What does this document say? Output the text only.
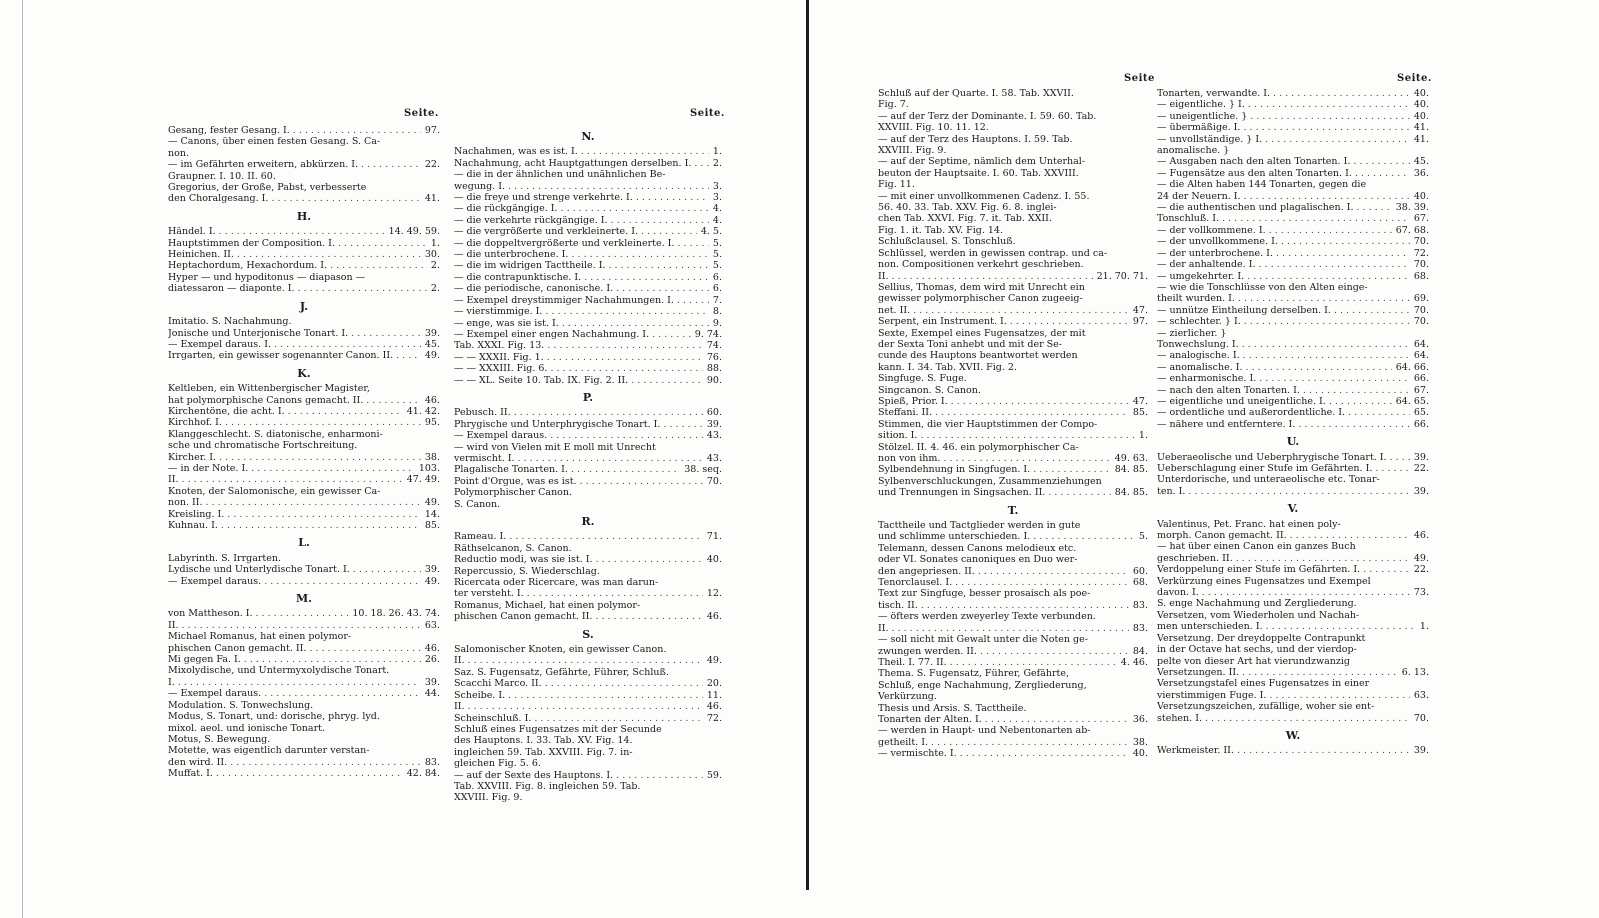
Seite.	Seite.
Seite	Seite.
Gesang, fester Gesang. I. . . .	97.
— Canons, über einen festen Gesang. S. Ca-
non.
— im Gefährten erweitern, abkürzen. I. . . .	22.
Graupner. I. 10. II. 60.
Gregorius, der Große, Pabst, verbesserte
den Choralgesang. I. . . .	41.
H.
Händel. I. . . .	14. 49. 59.
Hauptstimmen der Composition. I. . . .	1.
Heinichen. II. . . .	30.
Heptachordum, Hexachordum. I. . . .	2.
Hyper — und hypoditonus — diapason —
diatessaron — diaponte. I. . . .	2.
J.
Imitatio. S. Nachahmung.
Jonische und Unterjonische Tonart. I. . . .	39.
— Exempel daraus. I. . . .	45.
Irrgarten, ein gewisser sogenannter Canon. II. . . .	49.
K.
Keltleben, ein Wittenbergischer Magister,
hat polymorphische Canons gemacht. II. . . .	46.
Kirchentöne, die acht. I. . . .	41. 42.
Kirchhof. I. . . .	95.
Klanggeschlecht. S. diatonische, enharmoni-
sche und chromatische Fortschreitung.
Kircher. I. . . .	38.
— in der Note. I. . . .	103.
II. . . .	47. 49.
Knoten, der Salomonische, ein gewisser Ca-
non. II. . . .	49.
Kreisling. I. . . .	14.
Kuhnau. I. . . .	85.
L.
Labyrinth. S. Irrgarten.
Lydische und Unterlydische Tonart. I. . . .	39.
— Exempel daraus. . . .	49.
M.
von Mattheson. I. . . .	10. 18. 26. 43. 74.
II. . . .	63.
Michael Romanus, hat einen polymor-
phischen Canon gemacht. II. . . .	46.
Mi gegen Fa. I. . . .	26.
Mixolydische, und Untermyxolydische Tonart.
I. . . .	39.
— Exempel daraus. . . .	44.
Modulation. S. Tonwechslung.
Modus, S. Tonart, und: dorische, phryg. lyd.
mixol. aeol. und ionische Tonart.
Motus, S. Bewegung.
Motette, was eigentlich darunter verstan-
den wird. II. . . .	83.
Muffat. I. . . .	42. 84.
N.
Nachahmen, was es ist. I. . . .	1.
Nachahmung, acht Hauptgattungen derselben. I. . . .	2.
— die in der ähnlichen und unähnlichen Be-
wegung. I. . . .	3.
— die freye und strenge verkehrte. I. . . .	3.
— die rückgängige. I. . . .	4.
— die verkehrte rückgängige. I. . . .	4.
— die vergrößerte und verkleinerte. I. . . .	4. 5.
— die doppeltvergrößerte und verkleinerte. I. . . .	5.
— die unterbrochene. I. . . .	5.
— die im widrigen Tacttheile. I. . . .	5.
— die contrapunktische. I. . . .	6.
— die periodische, canonische. I. . . .	6.
— Exempel dreystimmiger Nachahmungen. I. . . .	7.
— vierstimmige. I. . . .	8.
— enge, was sie ist. I. . . .	9.
— Exempel einer engen Nachahmung. I. . . .	9. 74.
Tab. XXXI. Fig. 13. . . .	74.
— — XXXII. Fig. 1. . . .	76.
— — XXXIII. Fig. 6. . . .	88.
— — XL. Seite 10. Tab. IX. Fig. 2. II. . . .	90.
P.
Pebusch. II. . . .	60.
Phrygische und Unterphrygische Tonart. I. . . .	39.
— Exempel daraus. . . .	43.
— wird von Vielen mit E moll mit Unrecht
vermischt. I. . . .	43.
Plagalische Tonarten. I. . . .	38. seq.
Point d'Orgue, was es ist. . . .	70.
Polymorphischer Canon.
S. Canon.
R.
Rameau. I. . . .	71.
Räthselcanon, S. Canon.
Reductio modi, was sie ist. I. . . .	40.
Repercussio, S. Wiederschlag.
Ricercata oder Ricercare, was man darun-
ter versteht. I. . . .	12.
Romanus, Michael, hat einen polymor-
phischen Canon gemacht. II. . . .	46.
S.
Salomonischer Knoten, ein gewisser Canon.
II. . . .	49.
Saz. S. Fugensatz, Gefährte, Führer, Schluß.
Scacchi Marco. II. . . .	20.
Scheibe. I. . . .	11.
II. . . .	46.
Scheinschluß. I. . . .	72.
Schluß eines Fugensatzes mit der Secunde
des Hauptons. I. 33. Tab. XV. Fig. 14.
ingleichen 59. Tab. XXVIII. Fig. 7. in-
gleichen Fig. 5. 6.
— auf der Sexte des Hauptons. I. . . .	59.
Tab. XXVIII. Fig. 8. ingleichen 59. Tab.
XXVIII. Fig. 9.
Schluß auf der Quarte. I. 58. Tab. XXVII.
Fig. 7.
— auf der Terz der Dominante. I. 59. 60. Tab.
XXVIII. Fig. 10. 11. 12.
— auf der Terz des Hauptons. I. 59. Tab.
XXVIII. Fig. 9.
— auf der Septime, nämlich dem Unterhal-
beuton der Hauptsaite. I. 60. Tab. XXVIII.
Fig. 11.
— mit einer unvollkommenen Cadenz. I. 55.
56. 40. 33. Tab. XXV. Fig. 6. 8. inglei-
chen Tab. XXVI. Fig. 7. it. Tab. XXII.
Fig. 1. it. Tab. XV. Fig. 14.
Schlußclausel. S. Tonschluß.
Schlüssel, werden in gewissen contrap. und ca-
non. Compositionen verkehrt geschrieben.
II. . . .	21. 70. 71.
Sellius, Thomas, dem wird mit Unrecht ein
gewisser polymorphischer Canon zugeeig-
net. II. . . .	47.
Serpent, ein Instrument. I. . . .	97.
Sexte, Exempel eines Fugensatzes, der mit
der Sexta Toni anhebt und mit der Se-
cunde des Hauptons beantwortet werden
kann. I. 34. Tab. XVII. Fig. 2.
Singfuge. S. Fuge.
Singcanon. S. Canon.
Spieß, Prior. I. . . .	47.
Steffani. II. . . .	85.
Stimmen, die vier Hauptstimmen der Compo-
sition. I. . . .	1.
Stölzel. II. 4. 46. ein polymorphischer Ca-
non von ihm. . . .	49. 63.
Sylbendehnung in Singfugen. I. . . .	84. 85.
Sylbenverschluckungen, Zusammenziehungen
und Trennungen in Singsachen. II. . . .	84. 85.
T.
Tacttheile und Tactglieder werden in gute
und schlimme unterschieden. I. . . .	5.
Telemann, dessen Canons melodieux etc.
oder VI. Sonates canoniques en Duo wer-
den angepriesen. II. . . .	60.
Tenorclausel. I. . . .	68.
Text zur Singfuge, besser prosaisch als poe-
tisch. II. . . .	83.
— öfters werden zweyerley Texte verbunden.
II. . . .	83.
— soll nicht mit Gewalt unter die Noten ge-
zwungen werden. II. . . .	84.
Theil. I. 77. II. . . .	4. 46.
Thema. S. Fugensatz, Führer, Gefährte,
Schluß, enge Nachahmung, Zergliederung,
Verkürzung.
Thesis und Arsis. S. Tacttheile.
Tonarten der Alten. I. . . .	36.
— werden in Haupt- und Nebentonarten ab-
getheilt. I. . . .	38.
— vermischte. I. . . .	40.
Tonarten, verwandte. I. . . .	40.
— eigentliche. } I. . . .	40.
— uneigentliche. } . . .	40.
— übermäßige. I. . . .	41.
— unvollständige. } I. . . .	41.
anomalische. }
— Ausgaben nach den alten Tonarten. I. . . .	45.
— Fugensätze aus den alten Tonarten. I. . . .	36.
— die Alten haben 144 Tonarten, gegen die
24 der Neuern. I. . . .	40.
— die authentischen und plagalischen. I. . . .	38. 39.
Tonschluß. I. . . .	67.
— der vollkommene. I. . . .	67. 68.
— der unvollkommene. I. . . .	70.
— der unterbrochene. I. . . .	72.
— der anhaltende. I. . . .	70.
— umgekehrter. I. . . .	68.
— wie die Tonschlüsse von den Alten einge-
theilt wurden. I. . . .	69.
— unnütze Eintheilung derselben. I. . . .	70.
— schlechter. } I. . . .	70.
— zierlicher. }
Tonwechslung. I. . . .	64.
— analogische. I. . . .	64.
— anomalische. I. . . .	64. 66.
— enharmonische. I. . . .	66.
— nach den alten Tonarten. I. . . .	67.
— eigentliche und uneigentliche. I. . . .	64. 65.
— ordentliche und außerordentliche. I. . . .	65.
— nähere und entferntere. I. . . .	66.
U.
Ueberaeolische und Ueberphrygische Tonart. I. . . .	39.
Ueberschlagung einer Stufe im Gefährten. I. . . .	22.
Unterdorische, und unteraeolische etc. Tonar-
ten. I. . . .	39.
V.
Valentinus, Pet. Franc. hat einen poly-
morph. Canon gemacht. II. . . .	46.
— hat über einen Canon ein ganzes Buch
geschrieben. II. . . .	49.
Verdoppelung einer Stufe im Gefährten. I. . . .	22.
Verkürzung eines Fugensatzes und Exempel
davon. I. . . .	73.
S. enge Nachahmung und Zergliederung.
Versetzen, vom Wiederholen und Nachah-
men unterschieden. I. . . .	1.
Versetzung. Der dreydoppelte Contrapunkt
in der Octave hat sechs, und der vierdop-
pelte von dieser Art hat vierundzwanzig
Versetzungen. II. . . .	6. 13.
Versetzungstafel eines Fugensatzes in einer
vierstimmigen Fuge. I. . . .	63.
Versetzungszeichen, zufällige, woher sie ent-
stehen. I. . . .	70.
W.
Werkmeister. II. . . .	39.
